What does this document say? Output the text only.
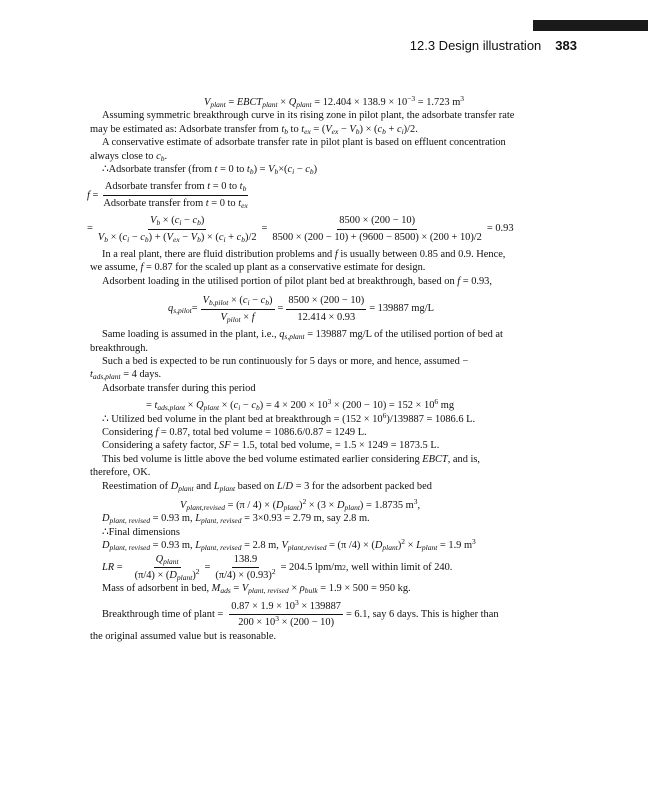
12.3 Design illustration 383
$V_{plant}$ = $EBCT_{plant} \times Q_{plant} = 12.404 \times 138.9 \times 10^{-3} = 1.723$ $m^3$
Assuming symmetric breakthrough curve in its rising zone in pilot plant, the adsorbate transfer rate
may be estimated as: Adsorbate transfer from $t_b$ to $t_{ex} = (V_{ex} - V_b) \times (c_b + c_i)/2$.
A conservative estimate of adsorbate transfer rate in pilot plant is based on effluent concentration
always close to $c_b$.
∴Adsorbate transfer (from t = 0 to $t_b) = V_b\times(c_i - c_b)$
$f = \frac{Adsorbate transfer from t = 0 to t_b}{Adsorbate transfer from t = 0 to t_{ex}}$
= $\frac{V_b \times (c_i - c_b)}{V_b \times (c_i - c_b) + (V_{ex} - V_b) \times (c_i + c_b)/2} = \frac{8500 \times (200 - 10)}{8500 \times (200 - 10) + (9600 - 8500) \times (200 + 10)/2} = 0.93$
In a real plant, there are fluid distribution problems and f is usually between 0.85 and 0.9. Hence,
we assume, f = 0.87 for the scaled up plant as a conservative estimate for design.
Adsorbent loading in the utilised portion of pilot plant bed at breakthrough, based on f = 0.93,
$q_{s,pilot} = \frac{V_{b,pilot} \times (c_i - c_b)}{V_{pilot} \times f} = \frac{8500 \times (200 - 10)}{12.414 \times 0.93} = 139887$ mg/L
Same loading is assumed in the plant, i.e., $q_{s,plant} = 139887$ mg/L of the utilised portion of bed at
breakthrough.
Such a bed is expected to be run continuously for 5 days or more, and hence, assumed −
$t_{ads,plant} = 4$ days.
Adsorbate transfer during this period
= $t_{ads,plant} \times Q_{plant} \times (c_i - c_b) = 4 \times 200 \times 10^3 \times (200 - 10) = 152 \times 10^6$ mg
∴ Utilized bed volume in the plant bed at breakthrough = $(152 \times 10^6)/139887 = 1086.6$ L.
Considering f = 0.87, total bed volume = 1086.6/0.87 = 1249 L.
Considering a safety factor, SF = 1.5, total bed volume, = 1.5 × 1249 = 1873.5 L.
This bed volume is little above the bed volume estimated earlier considering EBCT, and is,
therefore, OK.
Reestimation of $D_{plant}$ and $L_{plant}$ based on L/D = 3 for the adsorbent packed bed
$V_{plant,revised} = (\pi / 4) \times (D_{plant})^2 \times (3 \times D_{plant}) = 1.8735$ $m^3$,
$D_{plant, revised} = 0.93$ m, $L_{plant, revised} = 3\times 0.93 = 2.79$ m, say 2.8 m.
∴Final dimensions
$D_{plant, revised} = 0.93$ m, $L_{plant, revised} = 2.8$ m, $V_{plant,revised} = (\pi$ $/4) \times (D_{plant})^2 \times L_{plant} = 1.9$ $m^3$
LR = $\frac{Q_{plant}}{(\pi/4) \times (D_{plant})^2} = \frac{138.9}{(\pi/4) \times (0.93)^2} = 204.5$ lpm/m 2 , well within limit of 240.
Mass of adsorbent in bed, $M_{ads} = V_{plant, revised} \times \rho_{bulk} = 1.9 \times 500 = 950$ kg.
Breakthrough time of plant = $\frac{0.87 \times 1.9 \times 10^3 \times 139887}{200 \times 10^3 \times (200 - 10)} = 6.1$, say 6 days. This is higher than
the original assumed value but is reasonable.
